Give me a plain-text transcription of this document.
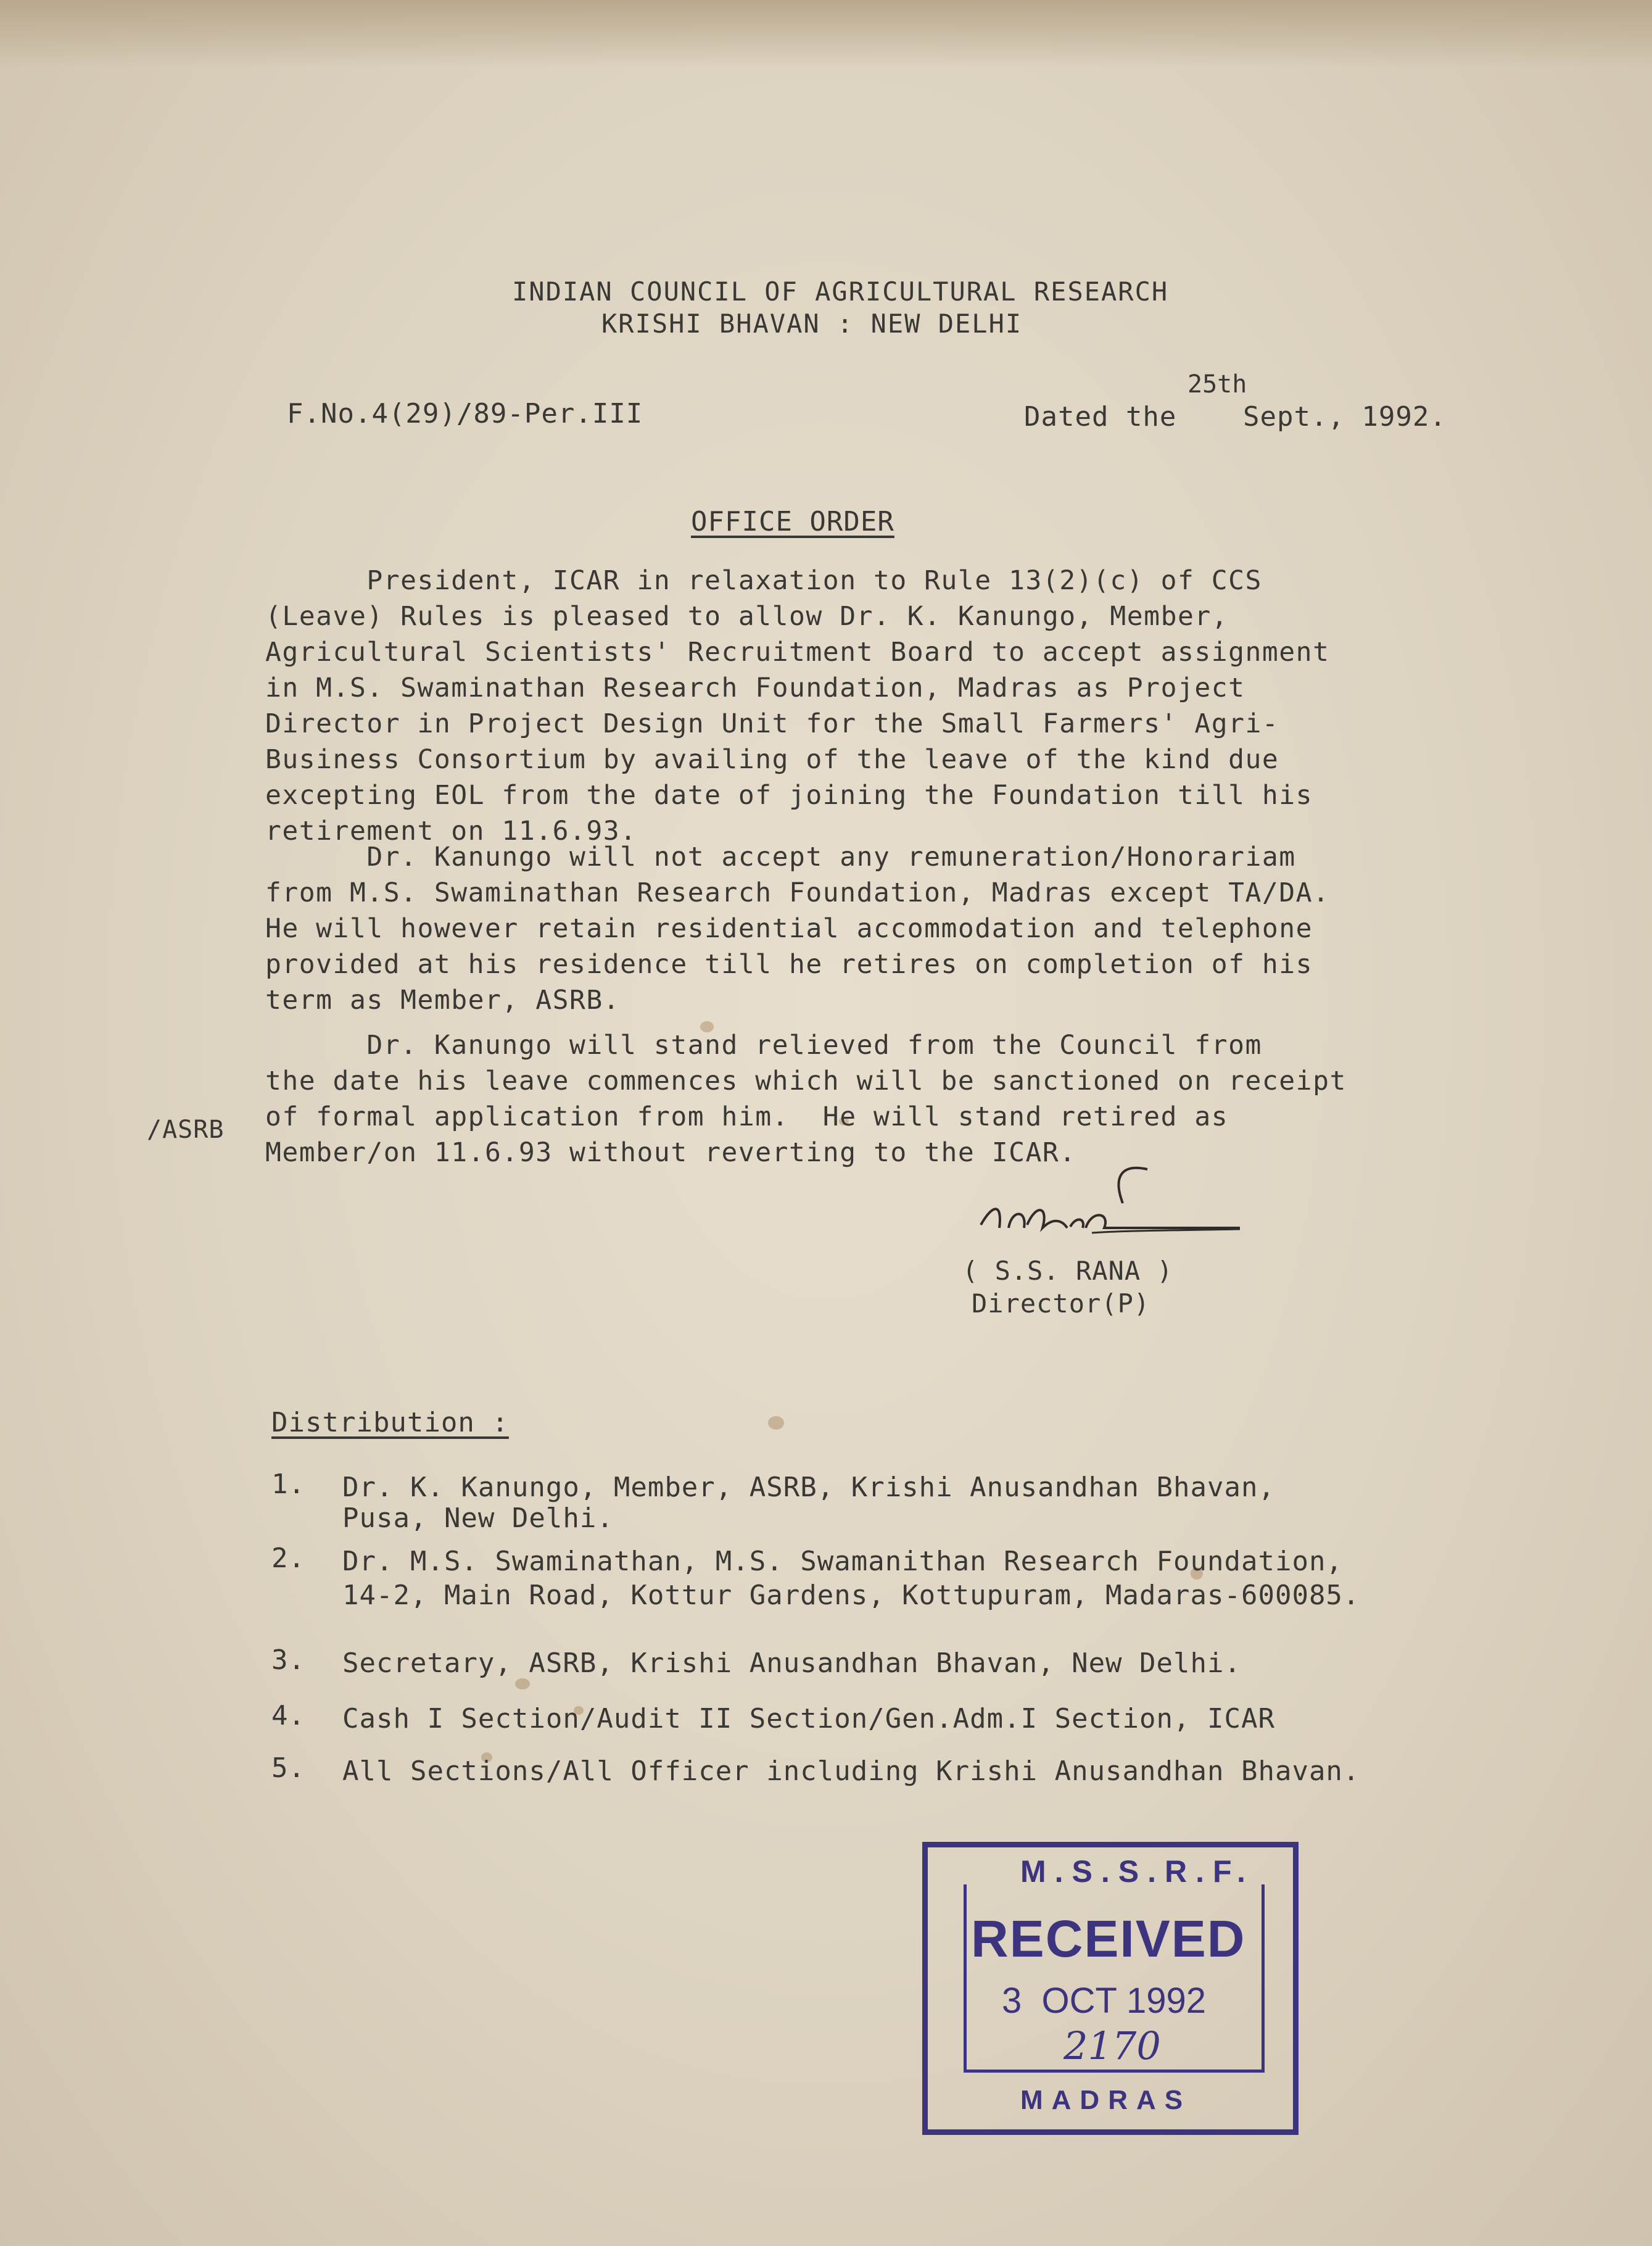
INDIAN COUNCIL OF AGRICULTURAL RESEARCH
KRISHI BHAVAN : NEW DELHI
F.No.4(29)/89-Per.III	Dated the
25th
Sept., 1992.
OFFICE ORDER
President, ICAR in relaxation to Rule 13(2)(c) of CCS
(Leave) Rules is pleased to allow Dr. K. Kanungo, Member,
Agricultural Scientists' Recruitment Board to accept assignment
in M.S. Swaminathan Research Foundation, Madras as Project
Director in Project Design Unit for the Small Farmers' Agri-
Business Consortium by availing of the leave of the kind due
excepting EOL from the date of joining the Foundation till his
retirement on 11.6.93.
Dr. Kanungo will not accept any remuneration/Honorariam
from M.S. Swaminathan Research Foundation, Madras except TA/DA.
He will however retain residential accommodation and telephone
provided at his residence till he retires on completion of his
term as Member, ASRB.
Dr. Kanungo will stand relieved from the Council from
the date his leave commences which will be sanctioned on receipt
of formal application from him.  He will stand retired as
Member/on 11.6.93 without reverting to the ICAR.
/ASRB
( S.S. RANA )
Director(P)
Distribution :
1. Dr. K. Kanungo, Member, ASRB, Krishi Anusandhan Bhavan,
Pusa, New Delhi.
2. Dr. M.S. Swaminathan, M.S. Swamanithan Research Foundation,
14-2, Main Road, Kottur Gardens, Kottupuram, Madaras-600085.
3. Secretary, ASRB, Krishi Anusandhan Bhavan, New Delhi.
4. Cash I Section/Audit II Section/Gen.Adm.I Section, ICAR
5. All Sections/All Officer including Krishi Anusandhan Bhavan.
M.S.S.R.F.
RECEIVED
3  OCT 1992
2170
MADRAS
